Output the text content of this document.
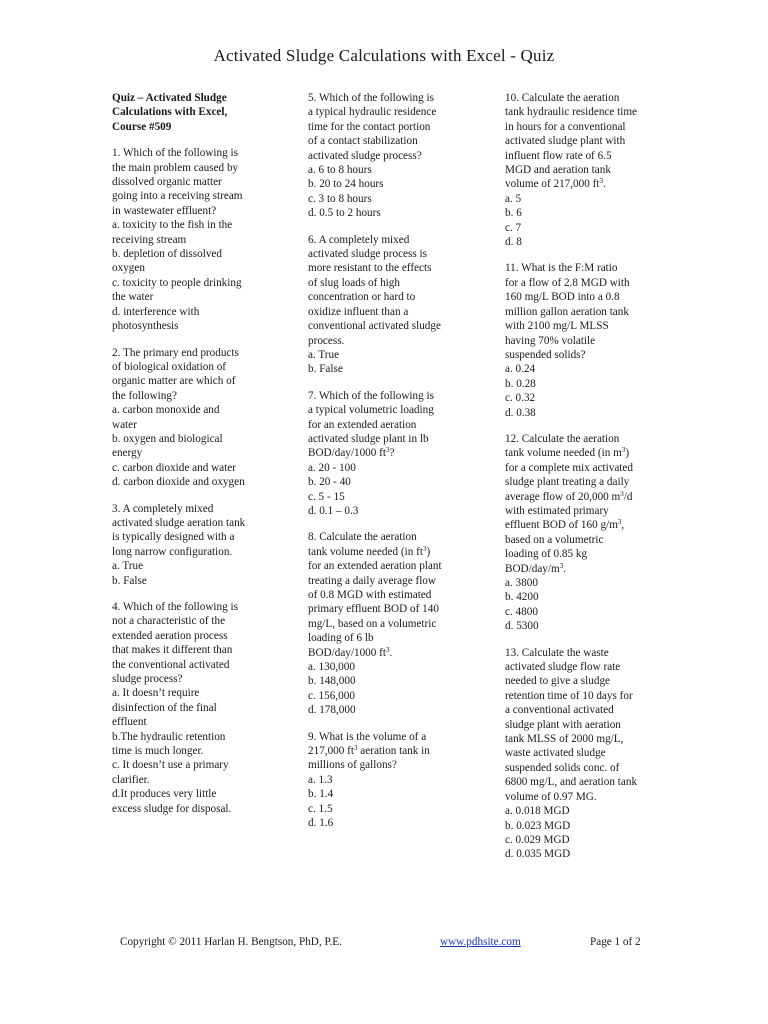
Activated Sludge Calculations with Excel - Quiz
Quiz – Activated Sludge
Calculations with Excel,
Course #509
1. Which of the following is
the main problem caused by
dissolved organic matter
going into a receiving stream
in wastewater effluent?
a. toxicity to the fish in the
receiving stream
b. depletion of dissolved
oxygen
c. toxicity to people drinking
the water
d. interference with
photosynthesis
2. The primary end products
of biological oxidation of
organic matter are which of
the following?
a. carbon monoxide and
water
b. oxygen and biological
energy
c. carbon dioxide and water
d. carbon dioxide and oxygen
3. A completely mixed
activated sludge aeration tank
is typically designed with a
long narrow configuration.
a. True
b. False
4. Which of the following is
not a characteristic of the
extended aeration process
that makes it different than
the conventional activated
sludge process?
a. It doesn’t require
disinfection of the final
effluent
b.The hydraulic retention
time is much longer.
c. It doesn’t use a primary
clarifier.
d.It produces very little
excess sludge for disposal.
5. Which of the following is
a typical hydraulic residence
time for the contact portion
of a contact stabilization
activated sludge process?
a. 6 to 8 hours
b. 20 to 24 hours
c. 3 to 8 hours
d. 0.5 to 2 hours
6. A completely mixed
activated sludge process is
more resistant to the effects
of slug loads of high
concentration or hard to
oxidize influent than a
conventional activated sludge
process.
a. True
b. False
7. Which of the following is
a typical volumetric loading
for an extended aeration
activated sludge plant in lb
BOD/day/1000 $ft^3$?
a. 20 - 100
b. 20 - 40
c. 5 - 15
d. 0.1 – 0.3
8. Calculate the aeration
tank volume needed (in $ft^3$)
for an extended aeration plant
treating a daily average flow
of 0.8 MGD with estimated
primary effluent BOD of 140
mg/L, based on a volumetric
loading of 6 lb
BOD/day/1000 $ft^3$.
a. 130,000
b. 148,000
c. 156,000
d. 178,000
9. What is the volume of a
217,000 $ft^3$ aeration tank in
millions of gallons?
a. 1.3
b. 1.4
c. 1.5
d. 1.6
10. Calculate the aeration
tank hydraulic residence time
in hours for a conventional
activated sludge plant with
influent flow rate of 6.5
MGD and aeration tank
volume of 217,000 $ft^3$.
a. 5
b. 6
c. 7
d. 8
11. What is the F:M ratio
for a flow of 2.8 MGD with
160 mg/L BOD into a 0.8
million gallon aeration tank
with 2100 mg/L MLSS
having 70% volatile
suspended solids?
a. 0.24
b. 0.28
c. 0.32
d. 0.38
12. Calculate the aeration
tank volume needed (in $m^3$)
for a complete mix activated
sludge plant treating a daily
average flow of 20,000 $m^3/d$
with estimated primary
effluent BOD of 160 $g/m^3$,
based on a volumetric
loading of 0.85 kg
BOD/$day/m^3$.
a. 3800
b. 4200
c. 4800
d. 5300
13. Calculate the waste
activated sludge flow rate
needed to give a sludge
retention time of 10 days for
a conventional activated
sludge plant with aeration
tank MLSS of 2000 mg/L,
waste activated sludge
suspended solids conc. of
6800 mg/L, and aeration tank
volume of 0.97 MG.
a. 0.018 MGD
b. 0.023 MGD
c. 0.029 MGD
d. 0.035 MGD
Copyright © 2011 Harlan H. Bengtson, PhD, P.E.	www.pdhsite.com	Page 1 of 2
